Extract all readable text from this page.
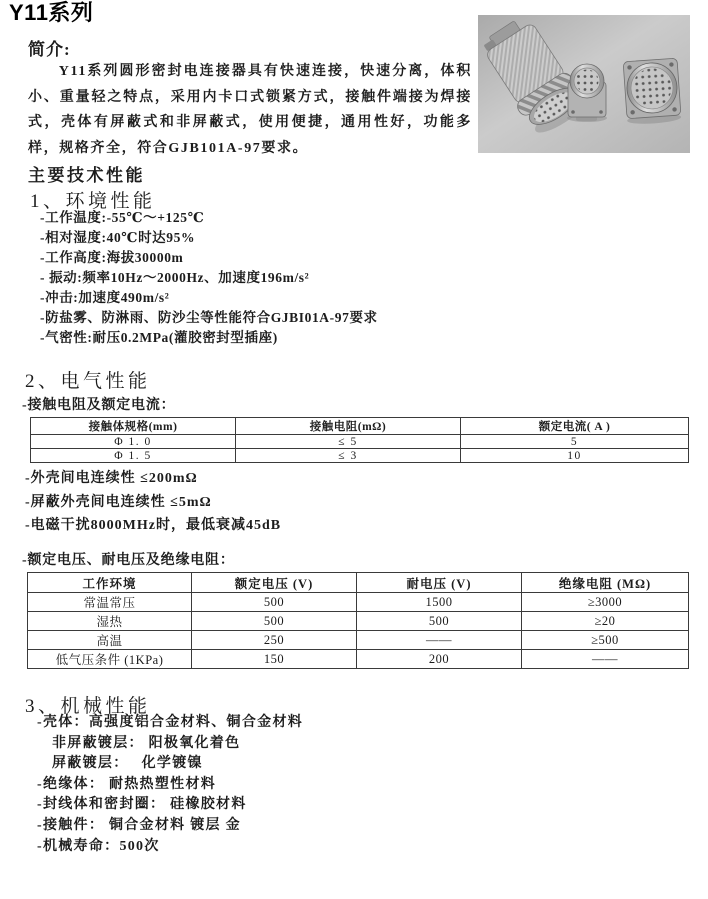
Y11系列
简介:
Y11系列圆形密封电连接器具有快速连接，快速分离，体积小、重量轻之特点，采用内卡口式锁紧方式，接触件端接为焊接式，壳体有屏蔽式和非屏蔽式，使用便捷，通用性好，功能多样，规格齐全，符合GJB101A-97要求。
主要技术性能
1、环境性能
-工作温度:-55℃～+125℃
-相对湿度:40℃时达95%
-工作高度:海拔30000m
- 振动:频率10Hz～2000Hz、加速度196m/s²
-冲击:加速度490m/s²
-防盐雾、防淋雨、防沙尘等性能符合GJBI01A-97要求
-气密性:耐压0.2MPa(灌胶密封型插座)
2、电气性能
-接触电阻及额定电流：
接触体规格(mm)	接触电阻(mΩ)	额定电流( A )
Φ 1. 0	≤ 5	5
Φ 1. 5	≤ 3	10
-外壳间电连续性 ≤200mΩ
-屏蔽外壳间电连续性 ≤5mΩ
-电磁干扰8000MHz时，最低衰减45dB
-额定电压、耐电压及绝缘电阻：
工作环境	额定电压 (V)	耐电压 (V)	绝缘电阻 (MΩ)
常温常压	500	1500	≥3000
湿热	500	500	≥20
高温	250	——	≥500
低气压条件 (1KPa)	150	200	——
3、机械性能
-壳体：高强度铝合金材料、铜合金材料
非屏蔽镀层： 阳极氧化着色
屏蔽镀层：　 化学镀镍
-绝缘体： 耐热热塑性材料
-封线体和密封圈： 硅橡胶材料
-接触件： 铜合金材料 镀层 金
-机械寿命：500次
